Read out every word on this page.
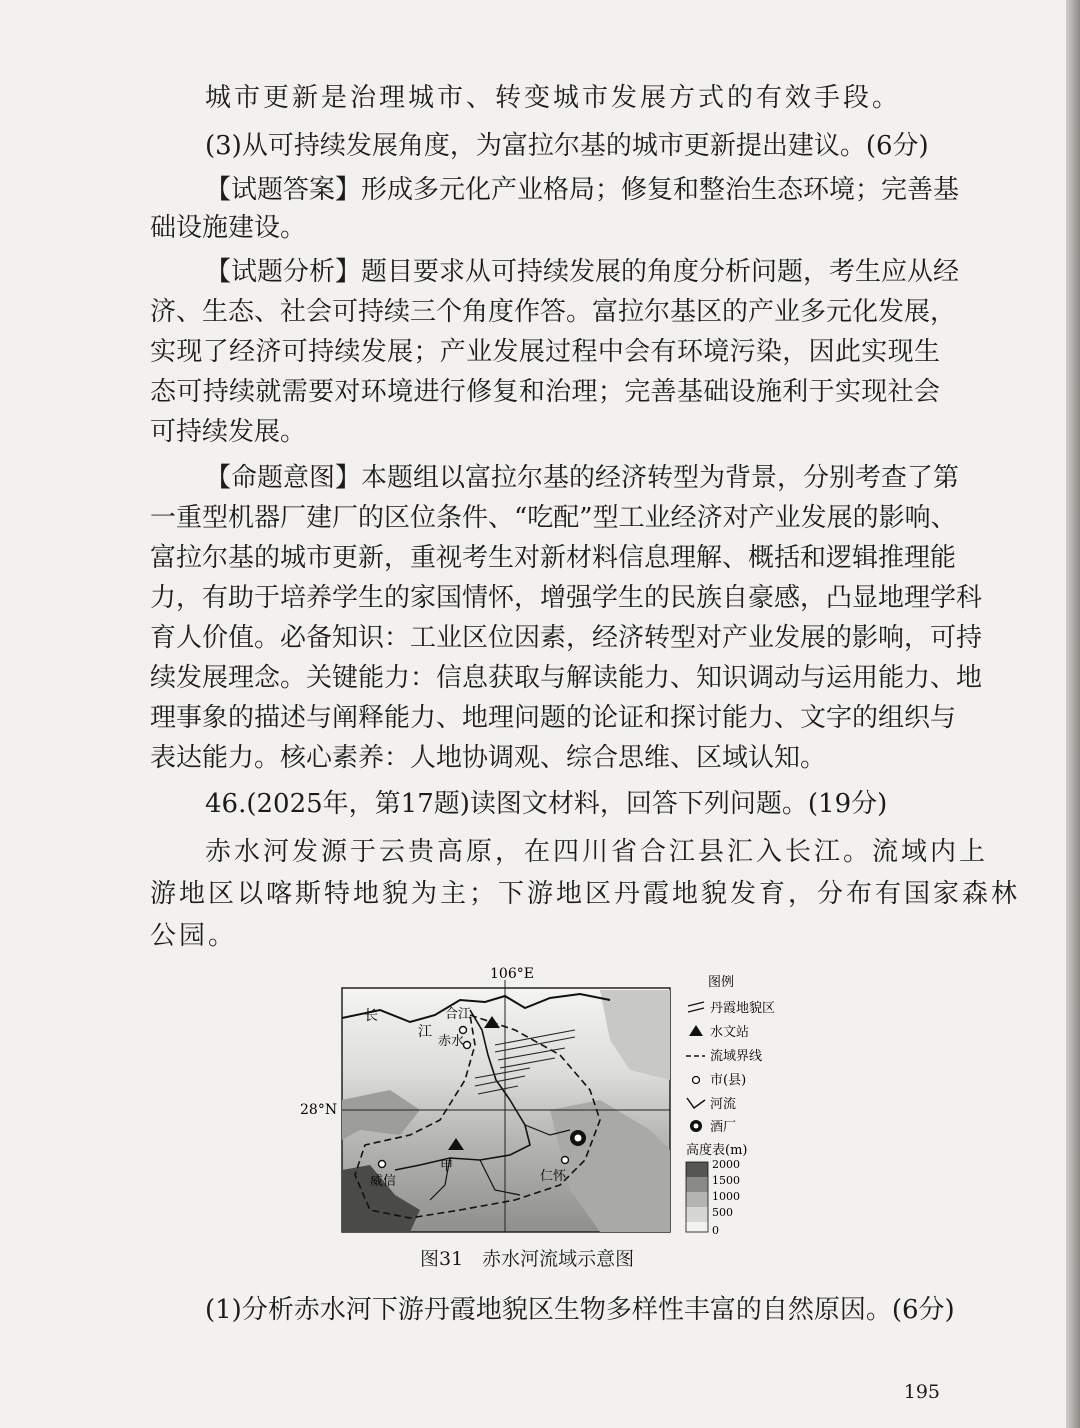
城市更新是治理城市、转变城市发展方式的有效手段。
(3)从可持续发展角度，为富拉尔基的城市更新提出建议。(6分)
【试题答案】形成多元化产业格局；修复和整治生态环境；完善基
础设施建设。
【试题分析】题目要求从可持续发展的角度分析问题，考生应从经
济、生态、社会可持续三个角度作答。富拉尔基区的产业多元化发展，
实现了经济可持续发展；产业发展过程中会有环境污染，因此实现生
态可持续就需要对环境进行修复和治理；完善基础设施利于实现社会
可持续发展。
【命题意图】本题组以富拉尔基的经济转型为背景，分别考查了第
一重型机器厂建厂的区位条件、“吃配”型工业经济对产业发展的影响、
富拉尔基的城市更新，重视考生对新材料信息理解、概括和逻辑推理能
力，有助于培养学生的家国情怀，增强学生的民族自豪感，凸显地理学科
育人价值。必备知识：工业区位因素，经济转型对产业发展的影响，可持
续发展理念。关键能力：信息获取与解读能力、知识调动与运用能力、地
理事象的描述与阐释能力、地理问题的论证和探讨能力、文字的组织与
表达能力。核心素养：人地协调观、综合思维、区域认知。
46.(2025年，第17题)读图文材料，回答下列问题。(19分)
赤水河发源于云贵高原，在四川省合江县汇入长江。流域内上
游地区以喀斯特地貌为主；下游地区丹霞地貌发育，分布有国家森林
公园。
106°E
28°N
长
江
合江
赤水
威信
甲
仁怀
图例
丹霞地貌区
水文站
流域界线
市(县)
河流
酒厂
高度表(m)
2000
1500
1000
500
0
图31　赤水河流域示意图
(1)分析赤水河下游丹霞地貌区生物多样性丰富的自然原因。(6分)
195
